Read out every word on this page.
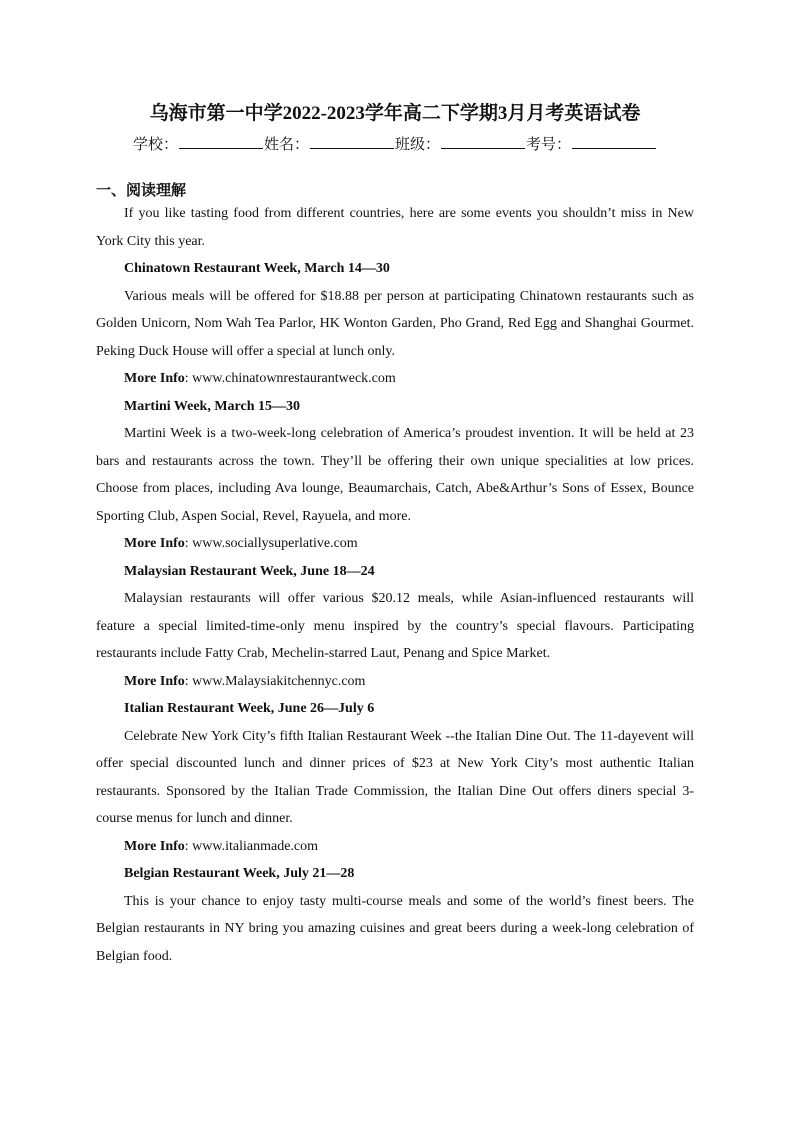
乌海市第一中学2022-2023学年高二下学期3月月考英语试卷
学校：	姓名：	班级：	考号：
一、阅读理解

If you like tasting food from different countries, here are some events you shouldn’t miss in New York City this year.

Chinatown Restaurant Week, March 14—30

Various meals will be offered for $18.88 per person at participating Chinatown restaurants such as Golden Unicorn, Nom Wah Tea Parlor, HK Wonton Garden, Pho Grand, Red Egg and Shanghai Gourmet. Peking Duck House will offer a special at lunch only.

More Info: www.chinatownrestaurantweck.com

Martini Week, March 15—30

Martini Week is a two-week-long celebration of America’s proudest invention. It will be held at 23 bars and restaurants across the town. They’ll be offering their own unique specialities at low prices. Choose from places, including Ava lounge, Beaumarchais, Catch, Abe&Arthur’s Sons of Essex, Bounce Sporting Club, Aspen Social, Revel, Rayuela, and more.

More Info: www.sociallysuperlative.com

Malaysian Restaurant Week, June 18—24

Malaysian restaurants will offer various $20.12 meals, while Asian-influenced restaurants will feature a special limited-time-only menu inspired by the country’s special flavours. Participating restaurants include Fatty Crab, Mechelin-starred Laut, Penang and Spice Market.

More Info: www.Malaysiakitchennyc.com

Italian Restaurant Week, June 26—July 6

Celebrate New York City’s fifth Italian Restaurant Week --the Italian Dine Out. The 11-dayevent will offer special discounted lunch and dinner prices of $23 at New York City’s most authentic Italian restaurants. Sponsored by the Italian Trade Commission, the Italian Dine Out offers diners special 3-course menus for lunch and dinner.

More Info: www.italianmade.com

Belgian Restaurant Week, July 21—28

This is your chance to enjoy tasty multi-course meals and some of the world’s finest beers. The Belgian restaurants in NY bring you amazing cuisines and great beers during a week-long celebration of Belgian food.
